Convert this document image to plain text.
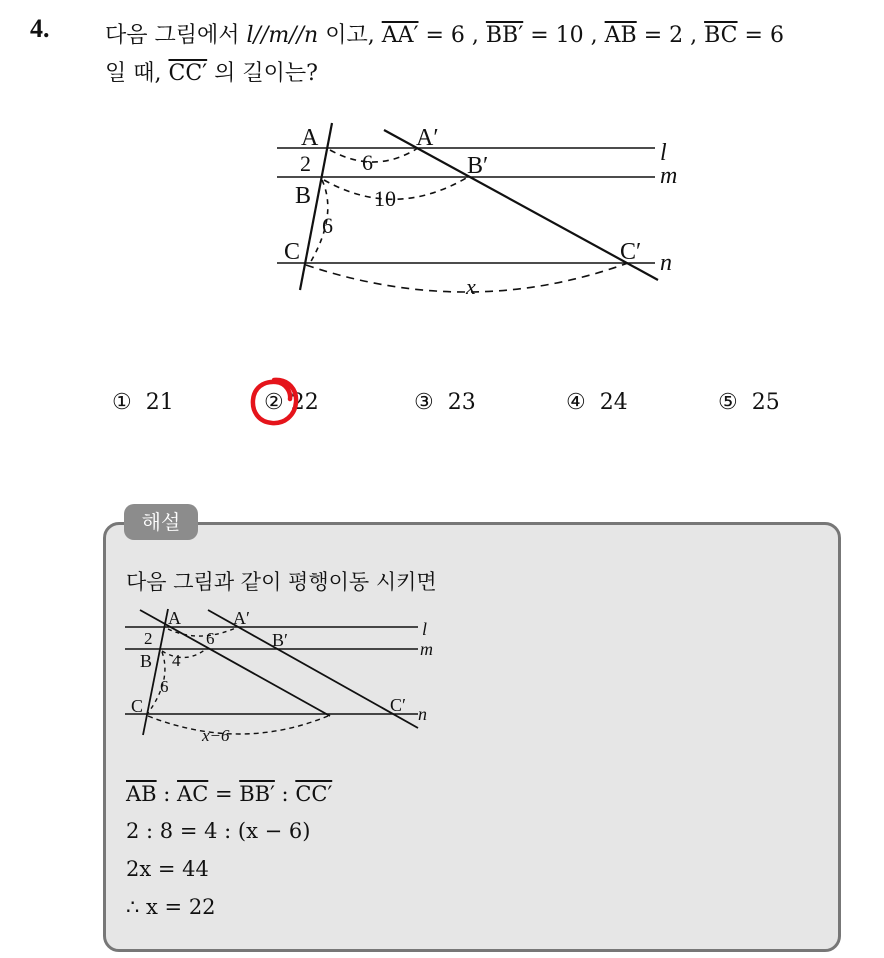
4.	다음 그림에서 l//m//n 이고, AA′ = 6 , BB′ = 10 , $\overline{AB} = 2$ , $\overline{BC} = 6$
일 때, CC′ 의 길이는?
A	A′
l
2 6	B′	m
B	10
6
C	C′ n
x
① 21	② 22	③ 23	④ 24	⑤ 25
해설
다음 그림과 같이 평행이동 시키면
A	A′
l
2	6	B′	m
B 4
6
C	C′ n
x−6
$\overline{AB}$ : $\overline{AC} = BB'$ : CC′
2 : 8 = 4 : (x − 6)
2x = 44
∴ x = 22
